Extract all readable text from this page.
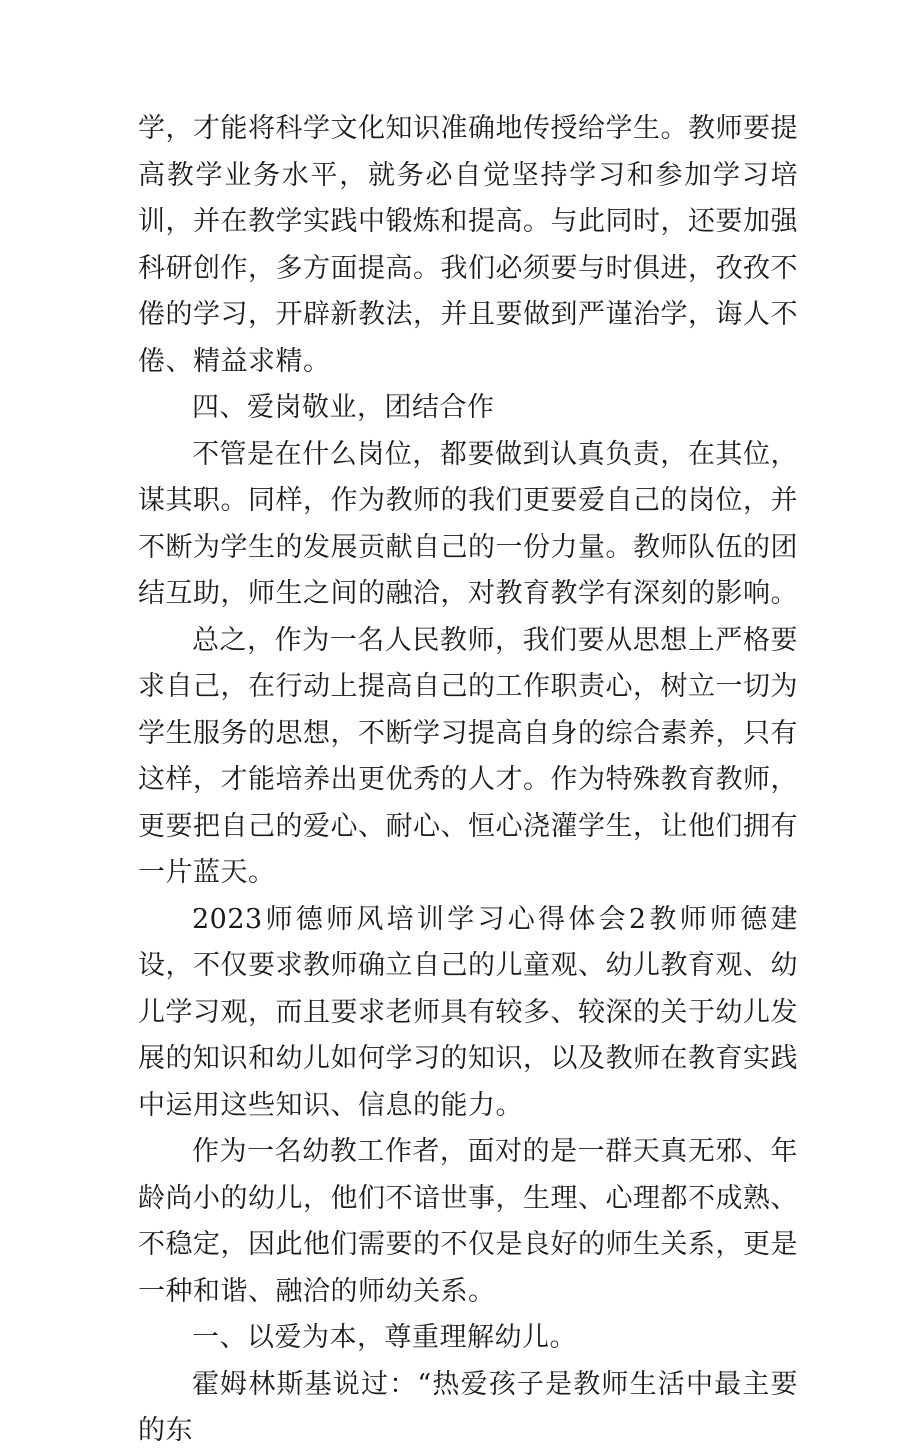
学，才能将科学文化知识准确地传授给学生。教师要提高教学业务水平，就务必自觉坚持学习和参加学习培训，并在教学实践中锻炼和提高。与此同时，还要加强科研创作，多方面提高。我们必须要与时俱进，孜孜不倦的学习，开辟新教法，并且要做到严谨治学，诲人不倦、精益求精。

四、爱岗敬业，团结合作

不管是在什么岗位，都要做到认真负责，在其位，谋其职。同样，作为教师的我们更要爱自己的岗位，并不断为学生的发展贡献自己的一份力量。教师队伍的团结互助，师生之间的融洽，对教育教学有深刻的影响。

总之，作为一名人民教师，我们要从思想上严格要求自己，在行动上提高自己的工作职责心，树立一切为学生服务的思想，不断学习提高自身的综合素养，只有这样，才能培养出更优秀的人才。作为特殊教育教师，更要把自己的爱心、耐心、恒心浇灌学生，让他们拥有一片蓝天。

2023师德师风培训学习心得体会2教师师德建设，不仅要求教师确立自己的儿童观、幼儿教育观、幼儿学习观，而且要求老师具有较多、较深的关于幼儿发展的知识和幼儿如何学习的知识，以及教师在教育实践中运用这些知识、信息的能力。

作为一名幼教工作者，面对的是一群天真无邪、年龄尚小的幼儿，他们不谙世事，生理、心理都不成熟、不稳定，因此他们需要的不仅是良好的师生关系，更是一种和谐、融洽的师幼关系。

一、以爱为本，尊重理解幼儿。

霍姆林斯基说过：“热爱孩子是教师生活中最主要的东
